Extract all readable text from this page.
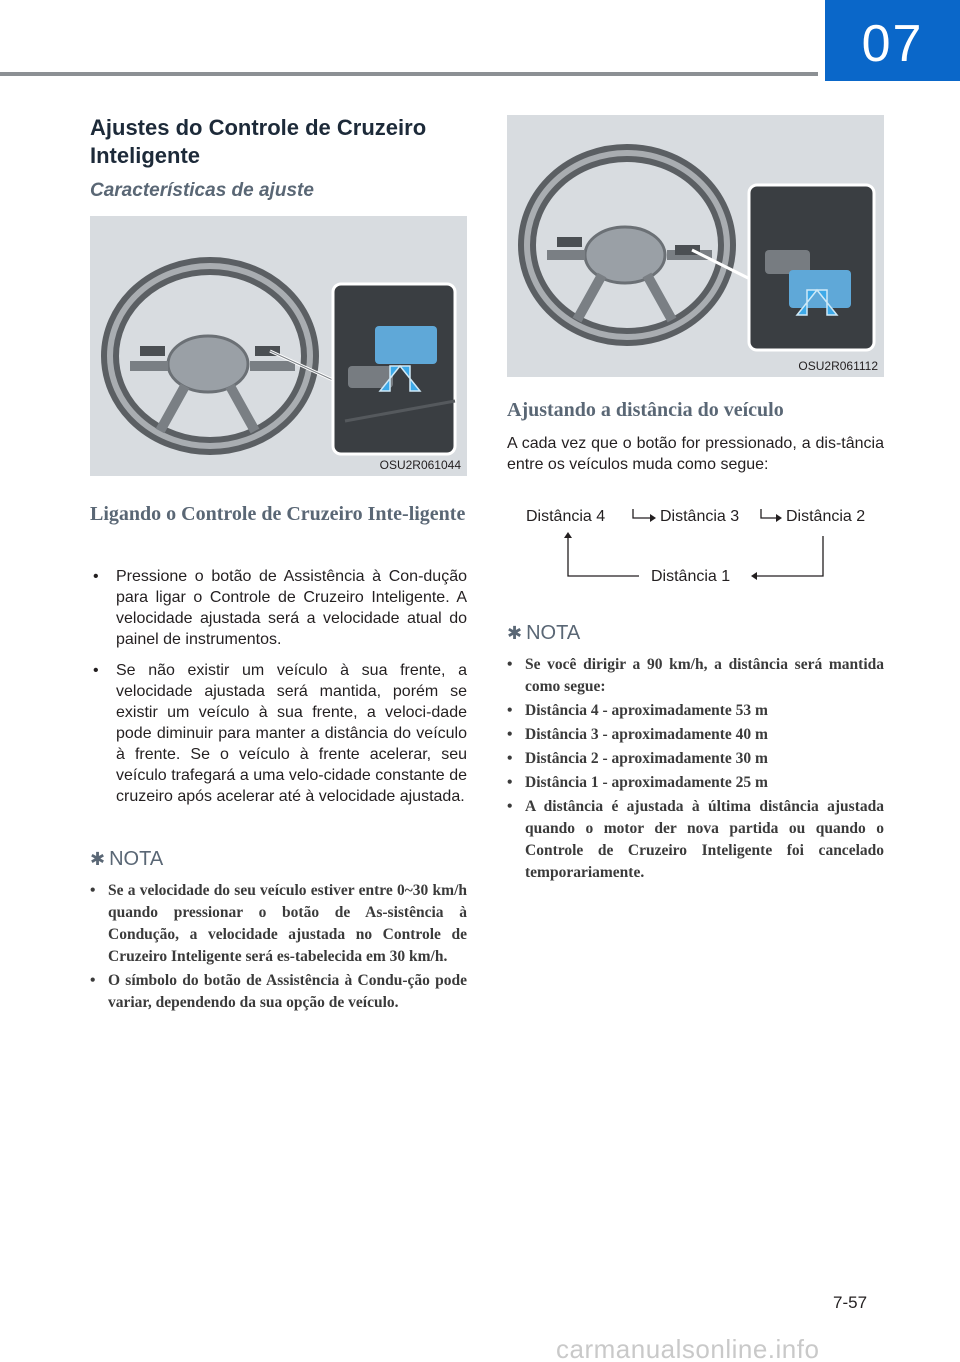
07
Ajustes do Controle de Cruzeiro Inteligente
Características de ajuste
OSU2R061044
Ligando o Controle de Cruzeiro Inte-ligente
• Pressione o botão de Assistência à Con-dução para ligar o Controle de Cruzeiro Inteligente. A velocidade ajustada será a velocidade atual do painel de instrumentos.
• Se não existir um veículo à sua frente, a velocidade ajustada será mantida, porém se existir um veículo à sua frente, a veloci-dade pode diminuir para manter a distância do veículo à frente. Se o veículo à frente acelerar, seu veículo trafegará a uma velo-cidade constante de cruzeiro após acelerar até à velocidade ajustada.
✱ NOTA
• Se a velocidade do seu veículo estiver entre 0~30 km/h quando pressionar o botão de As-sistência à Condução, a velocidade ajustada no Controle de Cruzeiro Inteligente será es-tabelecida em 30 km/h.
• O símbolo do botão de Assistência à Condu-ção pode variar, dependendo da sua opção de veículo.
OSU2R061112
Ajustando a distância do veículo

A cada vez que o botão for pressionado, a dis-tância entre os veículos muda como segue:

Distância 4	Distância 3	Distância 2
Distância 1
✱ NOTA
• Se você dirigir a 90 km/h, a distância será mantida como segue:
• Distância 4 - aproximadamente 53 m
• Distância 3 - aproximadamente 40 m
• Distância 2 - aproximadamente 30 m
• Distância 1 - aproximadamente 25 m
• A distância é ajustada à última distância ajustada quando o motor der nova partida ou quando o Controle de Cruzeiro Inteligente foi cancelado temporariamente.
7-57
carmanualsonline.info
